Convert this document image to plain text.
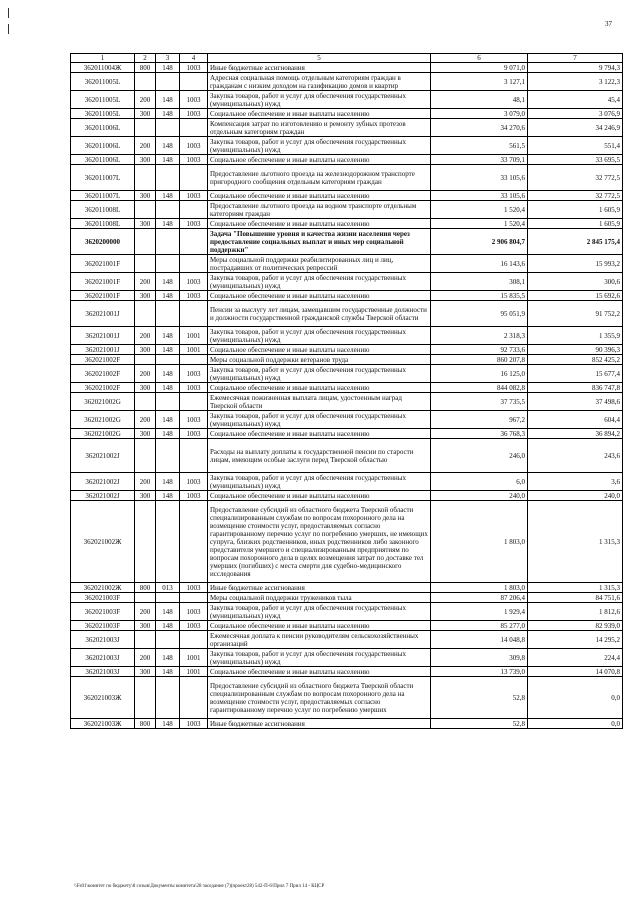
37
1	2	3	4	5	6	7
362011004Ж	800	148	1003	Иные бюджетные ассигнования	9 071,0	9 794,3
362011005L				Адресная социальная помощь отдельным категориям граждан в гражданам с низким доходом на газификацию домов и квартир	3 127,1	3 122,3
362011005L	200	148	1003	Закупка товаров, работ и услуг для обеспечения государственных (муниципальных) нужд	48,1	45,4
362011005L	300	148	1003	Социальное обеспечение и иные выплаты населению	3 079,0	3 076,9
362011006L				Компенсация затрат по изготовлению и ремонту зубных протезов отдельным категориям граждан	34 270,6	34 246,9
362011006L	200	148	1003	Закупка товаров, работ и услуг для обеспечения государственных (муниципальных) нужд	561,5	551,4
362011006L	300	148	1003	Социальное обеспечение и иные выплаты населению	33 709,1	33 695,5
362011007L				Предоставление льготного проезда на железнодорожном транспорте пригородного сообщения отдельным категориям граждан	33 105,6	32 772,5
362011007L	300	148	1003	Социальное обеспечение и иные выплаты населению	33 105,6	32 772,5
362011008L				Предоставление льготного проезда на водном транспорте отдельным категориям граждан	1 520,4	1 605,9
362011008L	300	148	1003	Социальное обеспечение и иные выплаты населению	1 520,4	1 605,9
3620200000				Задача "Повышение уровня и качества жизни населения через предоставление социальных выплат и иных мер социальной поддержки"	2 906 804,7	2 845 175,4
362021001F				Меры социальной поддержки реабилитированных лиц и лиц, пострадавших от политических репрессий	16 143,6	15 993,2
362021001F	200	148	1003	Закупка товаров, работ и услуг для обеспечения государственных (муниципальных) нужд	308,1	300,6
362021001F	300	148	1003	Социальное обеспечение и иные выплаты населению	15 835,5	15 692,6
362021001J				Пенсии за выслугу лет лицам, замещавшим государственные должности и должности государственной гражданской службы Тверской области	95 051,9	91 752,2
362021001J	200	148	1001	Закупка товаров, работ и услуг для обеспечения государственных (муниципальных) нужд	2 318,3	1 355,9
362021001J	300	148	1001	Социальное обеспечение и иные выплаты населению	92 733,6	90 396,3
362021002F				Меры социальной поддержки ветеранов труда	860 207,8	852 425,2
362021002F	200	148	1003	Закупка товаров, работ и услуг для обеспечения государственных (муниципальных) нужд	16 125,0	15 677,4
362021002F	300	148	1003	Социальное обеспечение и иные выплаты населению	844 082,8	836 747,8
362021002G				Ежемесячная пожизненная выплата лицам, удостоенным наград Тверской области	37 735,5	37 498,6
362021002G	200	148	1003	Закупка товаров, работ и услуг для обеспечения государственных (муниципальных) нужд	967,2	604,4
362021002G	300	148	1003	Социальное обеспечение и иные выплаты населению	36 768,3	36 894,2
362021002J				Расходы на выплату доплаты к государственной пенсии по старости лицам, имеющим особые заслуги перед Тверской областью	246,0	243,6
362021002J	200	148	1003	Закупка товаров, работ и услуг для обеспечения государственных (муниципальных) нужд	6,0	3,6
362021002J	300	148	1003	Социальное обеспечение и иные выплаты населению	240,0	240,0
362021002Ж				Предоставление субсидий из областного бюджета Тверской области специализированным службам по вопросам похоронного дела на возмещение стоимости услуг, предоставляемых согласно гарантированному перечню услуг по погребению умерших, не имеющих супруга, близких родственников, иных родственников либо законного представителя умершего и специализированным предприятиям по вопросам похоронного дела в целях возмещения затрат по доставке тел умерших (погибших) с места смерти для судебно-медицинского исследования	1 803,0	1 315,3
362021002Ж	800	013	1003	Иные бюджетные ассигнования	1 803,0	1 315,3
362021003F				Меры социальной поддержки тружеников тыла	87 206,4	84 751,6
362021003F	200	148	1003	Закупка товаров, работ и услуг для обеспечения государственных (муниципальных) нужд	1 929,4	1 812,6
362021003F	300	148	1003	Социальное обеспечение и иные выплаты населению	85 277,0	82 939,0
362021003J				Ежемесячная доплата к пенсии руководителям сельскохозяйственных организаций	14 048,8	14 295,2
362021003J	200	148	1001	Закупка товаров, работ и услуг для обеспечения государственных (муниципальных) нужд	309,8	224,4
362021003J	300	148	1001	Социальное обеспечение и иные выплаты населению	13 739,0	14 070,8
362021003Ж				Предоставление субсидий из областного бюджета Тверской области специализированным службам по вопросам похоронного дела на возмещение стоимости услуг, предоставляемых согласно гарантированному перечню услуг по погребению умерших	52,8	0,0
362021003Ж	800	148	1003	Иные бюджетные ассигнования	52,8	0,0
\\Fs01\комитет по бюджету\8 созыв\Документы комитета\28 заседание (7)(проект28) 542-П-6\Прил 7 Прил 14 - КЦСР
